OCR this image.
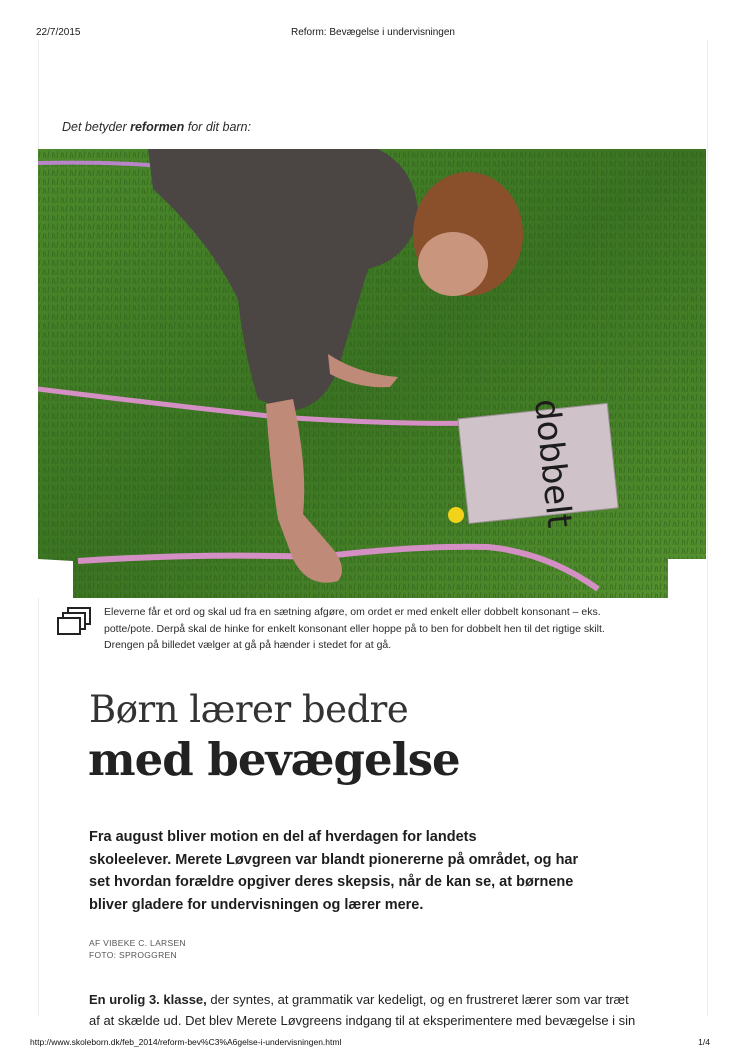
22/7/2015	Reform: Bevægelse i undervisningen
Det betyder reformen for dit barn:
dobbelt
Eleverne får et ord og skal ud fra en sætning afgøre, om ordet er med enkelt eller dobbelt konsonant – eks.
potte/pote. Derpå skal de hinke for enkelt konsonant eller hoppe på to ben for dobbelt hen til det rigtige skilt.
Drengen på billedet vælger at gå på hænder i stedet for at gå.
Børn lærer bedre
med bevægelse
Fra august bliver motion en del af hverdagen for landets
skoleelever. Merete Løvgreen var blandt pionererne på området, og har
set hvordan forældre opgiver deres skepsis, når de kan se, at børnene
bliver gladere for undervisningen og lærer mere.
AF VIBEKE C. LARSEN
FOTO: SPROGGREN
En urolig 3. klasse, der syntes, at grammatik var kedeligt, og en frustreret lærer som var træt
af at skælde ud. Det blev Merete Løvgreens indgang til at eksperimentere med bevægelse i sin
http://www.skoleborn.dk/feb_2014/reform-bev%C3%A6gelse-i-undervisningen.html	1/4
